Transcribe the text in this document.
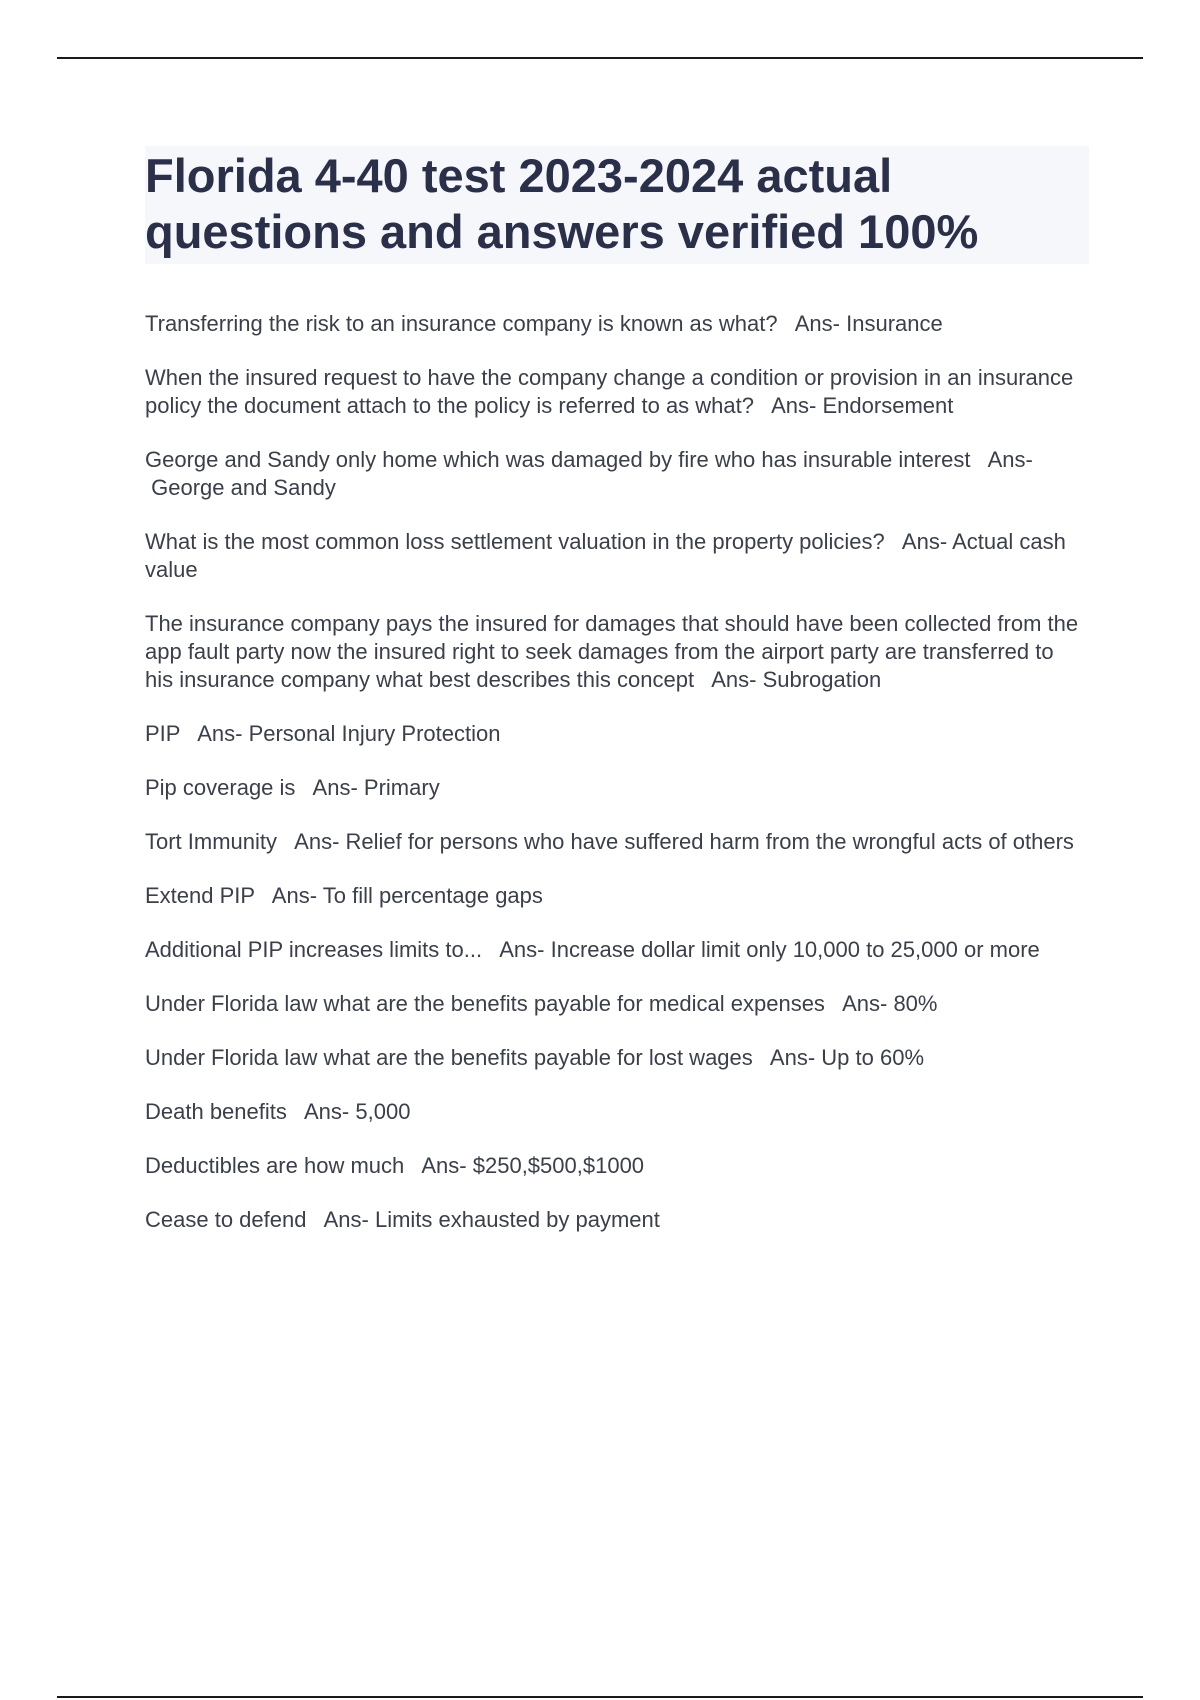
Florida 4-40 test 2023-2024 actual questions and answers verified 100%

Transferring the risk to an insurance company is known as what? Ans- Insurance

When the insured request to have the company change a condition or provision in an insurance policy the document attach to the policy is referred to as what? Ans- Endorsement

George and Sandy only home which was damaged by fire who has insurable interest Ans- George and Sandy

What is the most common loss settlement valuation in the property policies? Ans- Actual cash value

The insurance company pays the insured for damages that should have been collected from the app fault party now the insured right to seek damages from the airport party are transferred to his insurance company what best describes this concept Ans- Subrogation

PIP Ans- Personal Injury Protection

Pip coverage is Ans- Primary

Tort Immunity Ans- Relief for persons who have suffered harm from the wrongful acts of others

Extend PIP Ans- To fill percentage gaps

Additional PIP increases limits to... Ans- Increase dollar limit only 10,000 to 25,000 or more

Under Florida law what are the benefits payable for medical expenses Ans- 80%

Under Florida law what are the benefits payable for lost wages Ans- Up to 60%

Death benefits Ans- 5,000

Deductibles are how much Ans- $250,$500,$1000

Cease to defend Ans- Limits exhausted by payment
